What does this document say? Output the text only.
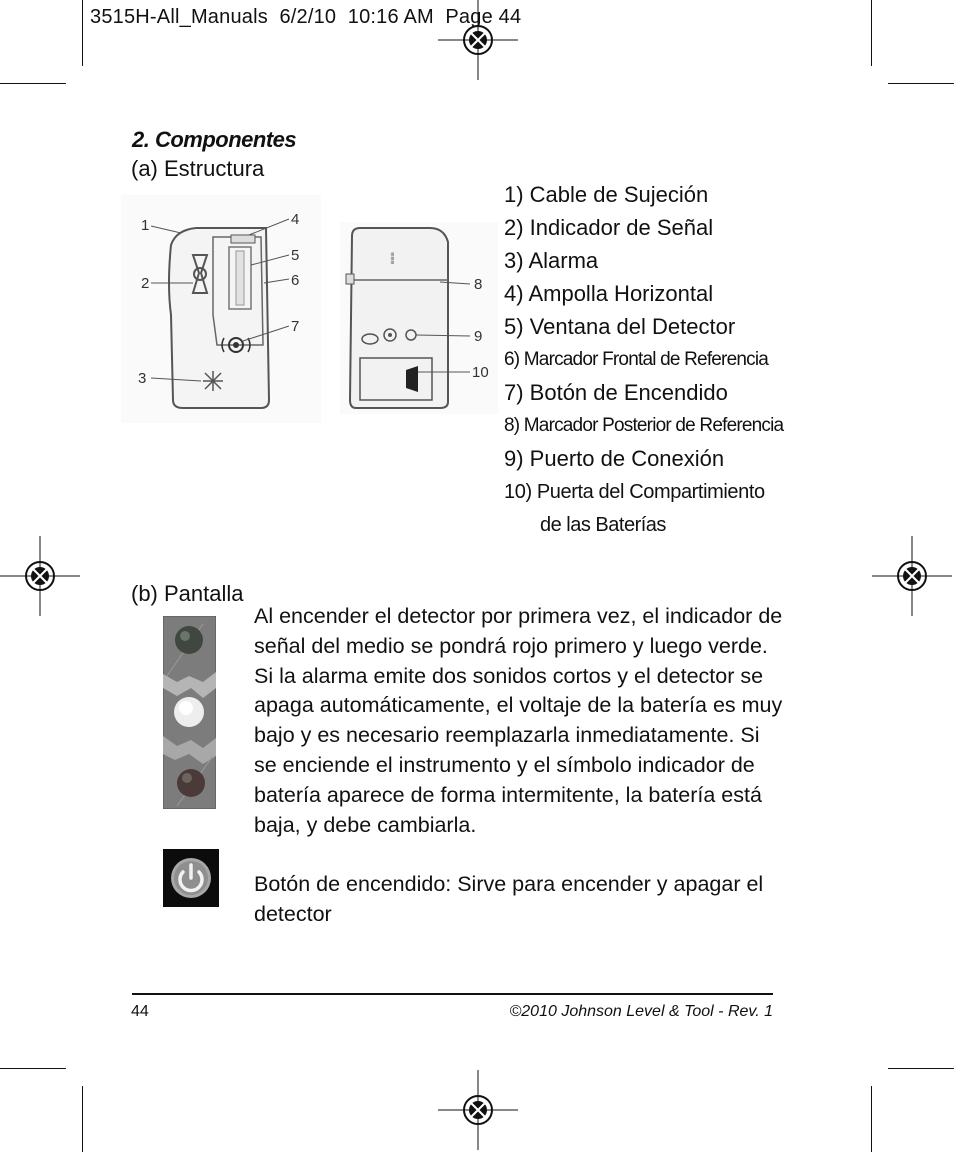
3515H-All_Manuals  6/2/10  10:16 AM  Page 44
2. Componentes
(a) Estructura
1
2
3
4
5
6
7
≡≡≡
8
9
10
1) Cable de Sujeción
2) Indicador de Señal
3) Alarma
4) Ampolla Horizontal
5) Ventana del Detector
6) Marcador Frontal de Referencia
7) Botón de Encendido
8) Marcador Posterior de Referencia
9) Puerto de Conexión
10) Puerta del Compartimiento
de las Baterías
(b) Pantalla
Al encender el detector por primera vez, el indicador de señal del medio se pondrá rojo primero y luego verde. Si la alarma emite dos sonidos cortos y el detector se apaga automáticamente, el voltaje de la batería es muy bajo y es necesario reemplazarla inmediatamente. Si se enciende el instrumento y el símbolo indicador de batería aparece de forma intermitente, la batería está baja, y debe cambiarla.
Botón de encendido: Sirve para encender y apagar el detector
44	©2010 Johnson Level & Tool - Rev. 1
